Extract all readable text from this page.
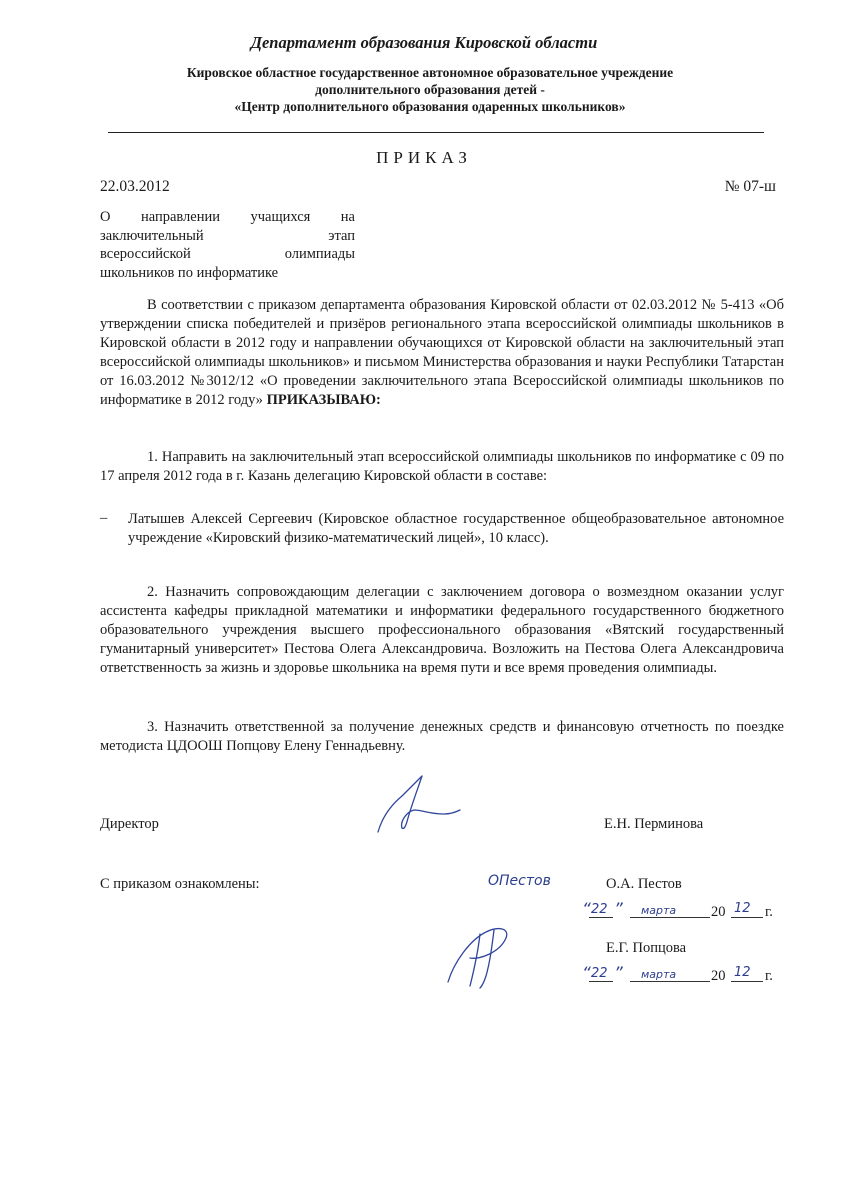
Департамент образования Кировской области
Кировское областное государственное автономное образовательное учреждение
дополнительного образования детей -
«Центр дополнительного образования одаренных школьников»
ПРИКАЗ
22.03.2012	№ 07-ш
О направлении учащихся на
заключительный этап
всероссийской олимпиады
школьников по информатике
В соответствии с приказом департамента образования Кировской области от 02.03.2012 № 5-413 «Об утверждении списка победителей и призёров регионального этапа всероссийской олимпиады школьников в Кировской области в 2012 году и направлении обучающихся от Кировской области на заключительный этап всероссийской олимпиады школьников» и письмом Министерства образования и науки Республики Татарстан от 16.03.2012 №3012/12 «О проведении заключительного этапа Всероссийской олимпиады школьников по информатике в 2012 году» ПРИКАЗЫВАЮ:
1. Направить на заключительный этап всероссийской олимпиады школьников по информатике с 09 по 17 апреля 2012 года в г. Казань делегацию Кировской области в составе:
– Латышев Алексей Сергеевич (Кировское областное государственное общеобразовательное автономное учреждение «Кировский физико-математический лицей», 10 класс).
2. Назначить сопровождающим делегации с заключением договора о возмездном оказании услуг ассистента кафедры прикладной математики и информатики федерального государственного бюджетного образовательного учреждения высшего профессионального образования «Вятский государственный гуманитарный университет» Пестова Олега Александровича. Возложить на Пестова Олега Александровича ответственность за жизнь и здоровье школьника на время пути и все время проведения олимпиады.
3. Назначить ответственной за получение денежных средств и финансовую отчетность по поездке методиста ЦДООШ Попцову Елену Геннадьевну.
Директор	Е.Н. Перминова
С приказом ознакомлены:	ОПестов	О.А. Пестов
“ 22 ” марта 20 12 г.
Е.Г. Попцова
“ 22 ” марта 20 12 г.
